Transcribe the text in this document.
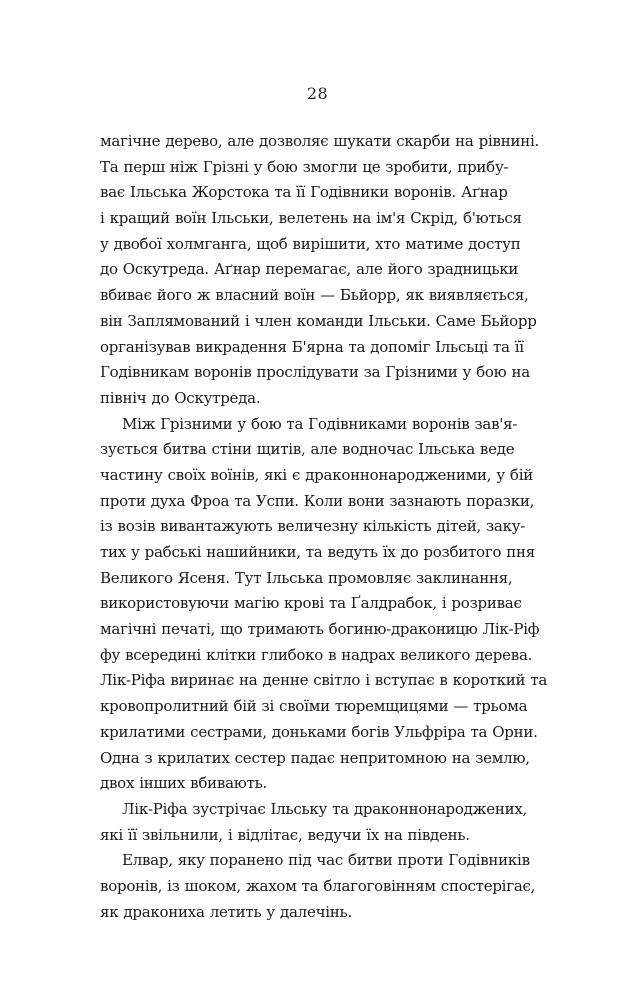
28
магічне дерево, але дозволяє шукати скарби на рівнині.
Та перш ніж Грізні у бою змогли це зробити, прибу-
ває Ільська Жорстока та її Годівники воронів. Аґнар
і кращий воїн Ільськи, велетень на ім'я Скрід, б'ються
у двобої холмганга, щоб вирішити, хто матиме доступ
до Оскутреда. Аґнар перемагає, але його зрадницьки
вбиває його ж власний воїн — Бьйорр, як виявляється,
він Заплямований і член команди Ільськи. Саме Бьйорр
організував викрадення Б'ярна та допоміг Ільсьці та її
Годівникам воронів прослідувати за Грізними у бою на
північ до Оскутреда.
Між Грізними у бою та Годівниками воронів зав'я-
зується битва стіни щитів, але водночас Ільська веде
частину своїх воїнів, які є драконнонародженими, у бій
проти духа Фроа та Успи. Коли вони зазнають поразки,
із возів вивантажують величезну кількість дітей, заку-
тих у рабські нашийники, та ведуть їх до розбитого пня
Великого Ясеня. Тут Ільська промовляє заклинання,
використовуючи магію крові та Ґалдрабок, і розриває
магічні печаті, що тримають богиню-драконицю Лік-Ріф
фу всередині клітки глибоко в надрах великого дерева.
Лік-Ріфа виринає на денне світло і вступає в короткий та
кровопролитний бій зі своїми тюремщицями — трьома
крилатими сестрами, доньками богів Ульфріра та Орни.
Одна з крилатих сестер падає непритомною на землю,
двох інших вбивають.
Лік-Ріфа зустрічає Ільську та драконнонароджених,
які її звільнили, і відлітає, ведучи їх на південь.
Елвар, яку поранено під час битви проти Годівників
воронів, із шоком, жахом та благоговінням спостерігає,
як дракониха летить у далечінь.
